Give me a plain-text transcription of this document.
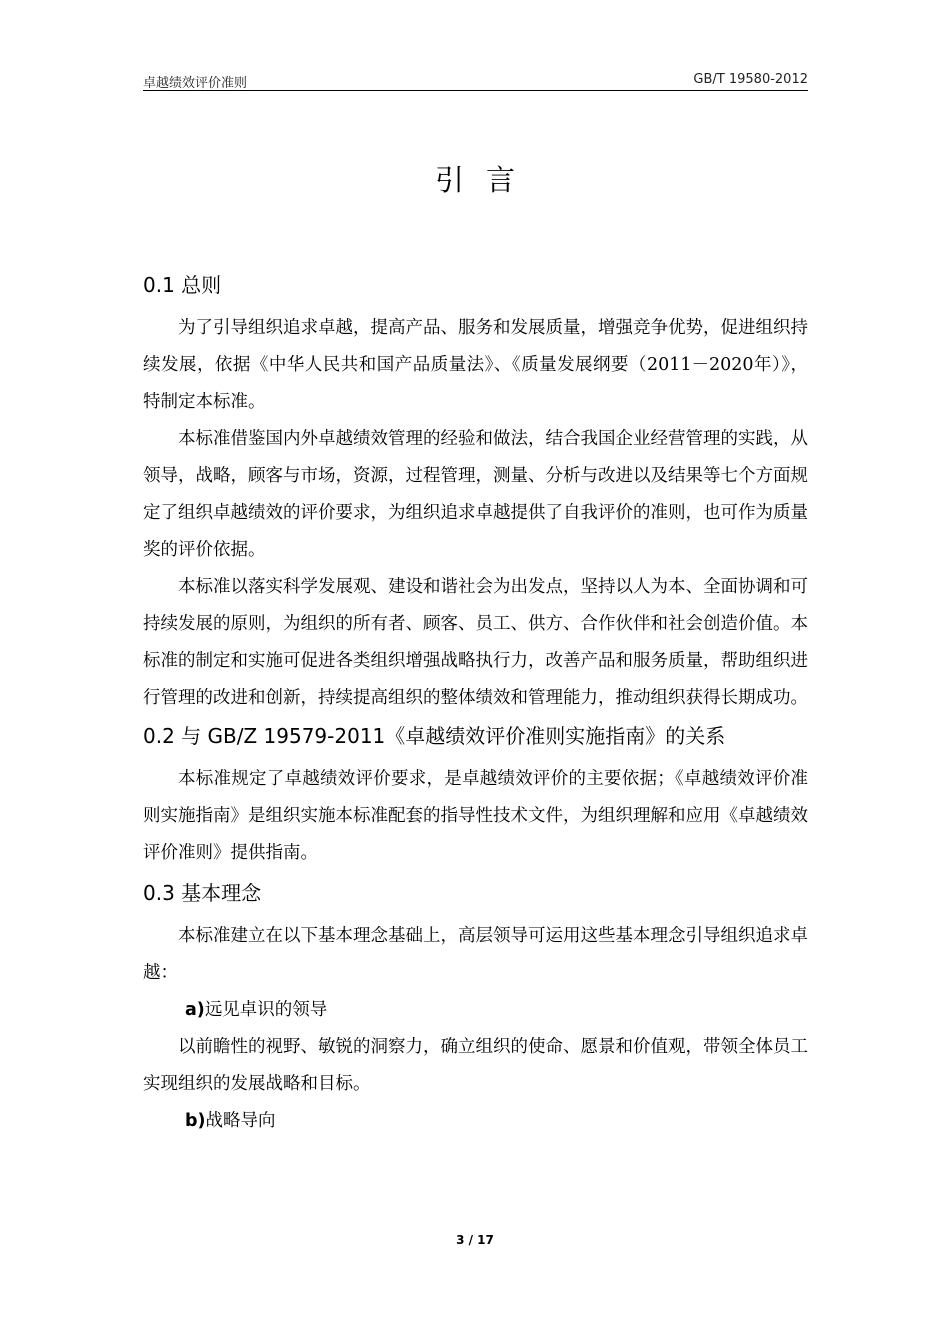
卓越绩效评价准则	GB/T 19580-2012
引言
0.1 总则

为了引导组织追求卓越，提高产品、服务和发展质量，增强竞争优势，促进组织持续发展，依据《中华人民共和国产品质量法》、《质量发展纲要（2011－2020年）》，特制定本标准。

本标准借鉴国内外卓越绩效管理的经验和做法，结合我国企业经营管理的实践，从领导，战略，顾客与市场，资源，过程管理，测量、分析与改进以及结果等七个方面规定了组织卓越绩效的评价要求，为组织追求卓越提供了自我评价的准则，也可作为质量奖的评价依据。

本标准以落实科学发展观、建设和谐社会为出发点，坚持以人为本、全面协调和可持续发展的原则，为组织的所有者、顾客、员工、供方、合作伙伴和社会创造价值。本标准的制定和实施可促进各类组织增强战略执行力，改善产品和服务质量，帮助组织进行管理的改进和创新，持续提高组织的整体绩效和管理能力，推动组织获得长期成功。

0.2 与 GB/Z 19579-2011《卓越绩效评价准则实施指南》的关系

本标准规定了卓越绩效评价要求，是卓越绩效评价的主要依据；《卓越绩效评价准则实施指南》是组织实施本标准配套的指导性技术文件，为组织理解和应用《卓越绩效评价准则》提供指南。

0.3 基本理念

本标准建立在以下基本理念基础上，高层领导可运用这些基本理念引导组织追求卓越：

a)远见卓识的领导

以前瞻性的视野、敏锐的洞察力，确立组织的使命、愿景和价值观，带领全体员工实现组织的发展战略和目标。

b)战略导向
3 / 17
